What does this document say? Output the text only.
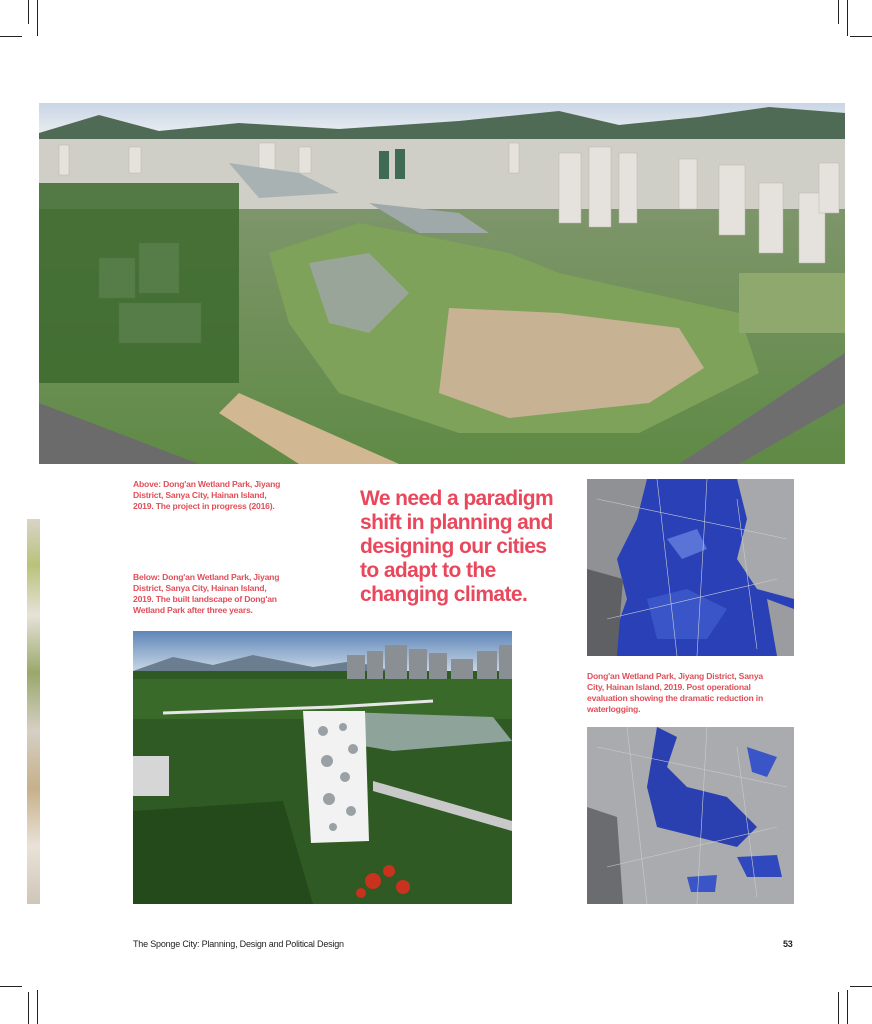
Above: Dong'an Wetland Park, Jiyang District, Sanya City, Hainan Island, 2019. The project in progress (2016).
Below: Dong'an Wetland Park, Jiyang District, Sanya City, Hainan Island, 2019. The built landscape of Dong'an Wetland Park after three years.
We need a paradigm shift in planning and designing our cities to adapt to the changing climate.
Dong'an Wetland Park, Jiyang District, Sanya City, Hainan Island, 2019. Post operational evaluation showing the dramatic reduction in waterlogging.
The Sponge City: Planning, Design and Political Design	53
